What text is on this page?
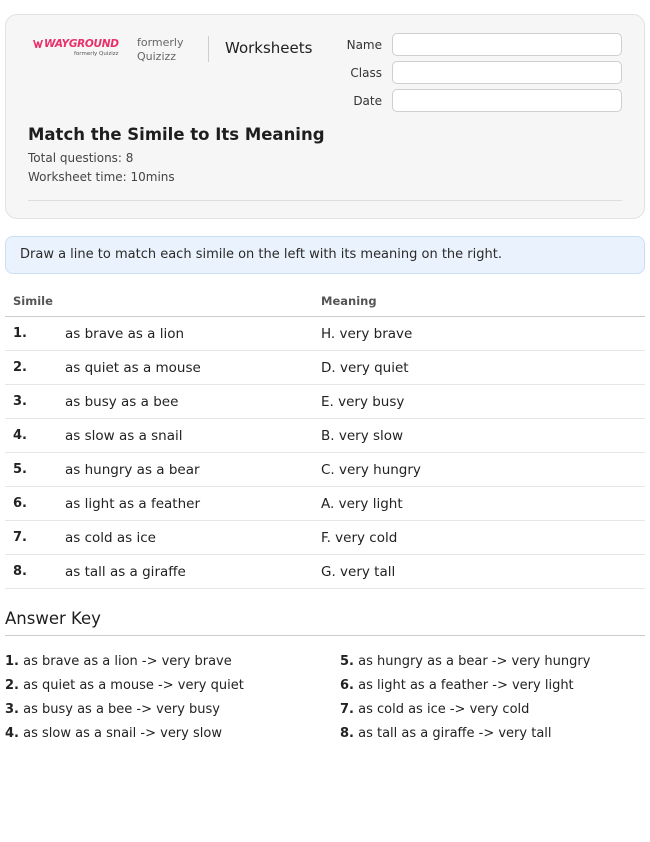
WAYGROUND
formerly Quizizz
formerly Quizizz	Worksheets	Name
Class
Date
Match the Simile to Its Meaning
Total questions: 8
Worksheet time: 10mins
Draw a line to match each simile on the left with its meaning on the right.
Simile	Meaning
1.	as brave as a lion	H. very brave
2.	as quiet as a mouse	D. very quiet
3.	as busy as a bee	E. very busy
4.	as slow as a snail	B. very slow
5.	as hungry as a bear	C. very hungry
6.	as light as a feather	A. very light
7.	as cold as ice	F. very cold
8.	as tall as a giraffe	G. very tall
Answer Key
1. as brave as a lion -> very brave
2. as quiet as a mouse -> very quiet
3. as busy as a bee -> very busy
4. as slow as a snail -> very slow
5. as hungry as a bear -> very hungry
6. as light as a feather -> very light
7. as cold as ice -> very cold
8. as tall as a giraffe -> very tall
